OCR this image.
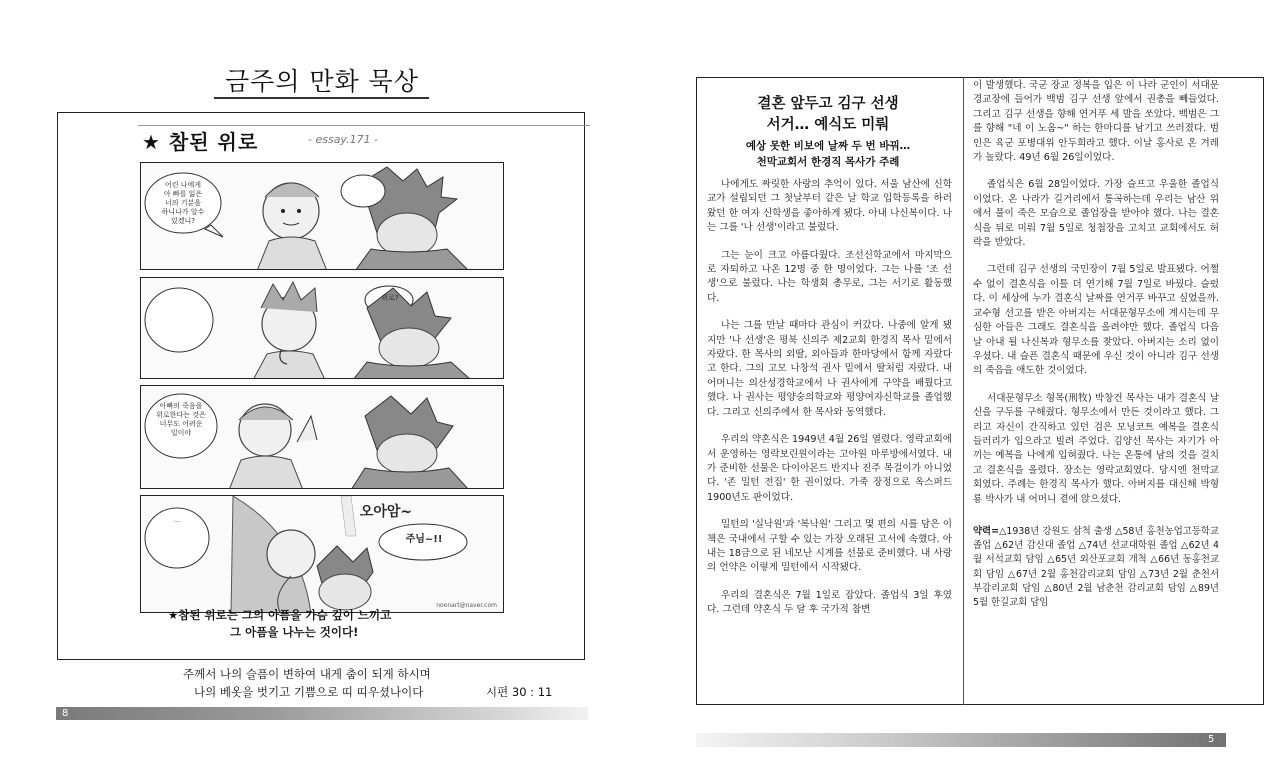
금주의 만화 묵상
★ 참된 위로	- essay.171 -
어린 나에게
아 빠를 잃은
너의 기분을
하니나가 알수
있겠니?
위로?
아빠의 죽음을
위로한다는 것은
너무도 어려운
일이야
…	오아암~
주님~!!
noonart@naver.com
★참된 위로는 그의 아픔을 가슴 깊이 느끼고
그 아픔을 나누는 것이다!
주께서 나의 슬픔이 변하여 내게 춤이 되게 하시며
나의 베옷을 벗기고 기쁨으로 띠 띠우셨나이다	시편 30 : 11
8
결혼 앞두고 김구 선생
서거… 예식도 미뤄
예상 못한 비보에 날짜 두 번 바꿔…
천막교회서 한경직 목사가 주례

나에게도 짜릿한 사랑의 추억이 있다. 서울 남산에 신학교가 설립되던 그 첫날부터 같은 날 학교 입학등록을 하러 왔던 한 여자 신학생을 좋아하게 됐다. 아내 나신복이다. 나는 그를 '나 선생'이라고 불렀다.

그는 눈이 크고 아름다웠다. 조선신학교에서 마지막으로 자퇴하고 나온 12명 중 한 명이었다. 그는 나를 '조 선생'으로 불렀다. 나는 학생회 총무로, 그는 서기로 활동했다.

나는 그를 만날 때마다 관심이 커갔다. 나중에 알게 됐지만 '나 선생'은 평북 신의주 제2교회 한경직 목사 밑에서 자랐다. 한 목사의 외딸, 외아들과 한마당에서 함께 자랐다고 한다. 그의 고모 나창석 권사 밑에서 딸처럼 자랐다. 내 어머니는 의산성경학교에서 나 권사에게 구약을 배웠다고 했다. 나 권사는 평양숭의학교와 평양여자신학교를 졸업했다. 그리고 신의주에서 한 목사와 동역했다.

우리의 약혼식은 1949년 4월 26일 열렸다. 영락교회에서 운영하는 영락보린원이라는 고아원 마루방에서였다. 내가 준비한 선물은 다이아몬드 반지나 진주 목걸이가 아니었다. '존 밀턴 전집' 한 권이었다. 가죽 장정으로 옥스퍼드 1900년도 판이었다.

밀턴의 '실낙원'과 '복낙원' 그리고 몇 편의 시를 담은 이 책은 국내에서 구할 수 있는 가장 오래된 고서에 속했다. 아내는 18금으로 된 네모난 시계를 선물로 준비했다. 내 사랑의 언약은 이렇게 밀턴에서 시작됐다.

우리의 결혼식은 7월 1일로 잡았다. 졸업식 3일 후였다. 그런데 약혼식 두 달 후 국가적 참변

이 발생했다. 국군 장교 정복을 입은 이 나라 군인이 서대문 경교장에 들어가 백범 김구 선생 앞에서 권총을 빼들었다. 그리고 김구 선생을 향해 연거푸 세 발을 쏘았다. 백범은 그를 향해 "네 이 노옴~" 하는 한마디를 남기고 쓰러졌다. 범인은 육군 포병대위 안두희라고 했다. 이날 홍사로 온 겨레가 놀랐다. 49년 6월 26일이었다.

졸업식은 6월 28일이었다. 가장 슬프고 우울한 졸업식이었다. 온 나라가 길거리에서 통곡하는데 우리는 남산 위에서 풀이 죽은 모습으로 졸업장을 받아야 했다. 나는 결혼식을 뒤로 미뤄 7월 5일로 청첩장을 고치고 교회에서도 허락을 받았다.

그런데 김구 선생의 국민장이 7월 5일로 발표됐다. 어쩔 수 없이 결혼식을 이틀 더 연기해 7월 7일로 바꿨다. 슬펐다. 이 세상에 누가 결혼식 날짜를 연거푸 바꾸고 싶었을까. 교수형 선고를 받은 아버지는 서대문형무소에 계시는데 무심한 아들은 그래도 결혼식을 올려야만 했다. 졸업식 다음 날 아내 될 나신복과 형무소를 찾았다. 아버지는 소리 없이 우셨다. 내 슬픈 결혼식 때문에 우신 것이 아니라 김구 선생의 죽음을 애도한 것이었다.

서대문형무소 형목(刑牧) 박창건 목사는 내가 결혼식 날 신을 구두를 구해줬다. 형무소에서 만든 것이라고 했다. 그리고 자신이 간직하고 있던 검은 모닝코트 예복을 결혼식 들러리가 입으라고 빌려 주었다. 김양선 목사는 자기가 아끼는 예복을 나에게 입혀줬다. 나는 온통에 남의 것을 걸치고 결혼식을 올렸다. 장소는 영락교회였다. 당시엔 천막교회였다. 주례는 한경직 목사가 했다. 아버지를 대신해 박형룡 박사가 내 어머니 곁에 앉으셨다.

약력=△1938년 강원도 삼척 출생 △58년 홍천농업고등학교 졸업 △62년 감신대 졸업 △74년 선교대학원 졸업 △62년 4월 서석교회 담임 △65년 외산포교회 개척 △66년 동홍천교회 담임 △67년 2월 홍천감리교회 담임 △73년 2월 춘천서부감리교회 담임 △80년 2월 남춘천 감리교회 담임 △89년 5월 한길교회 담임
5
